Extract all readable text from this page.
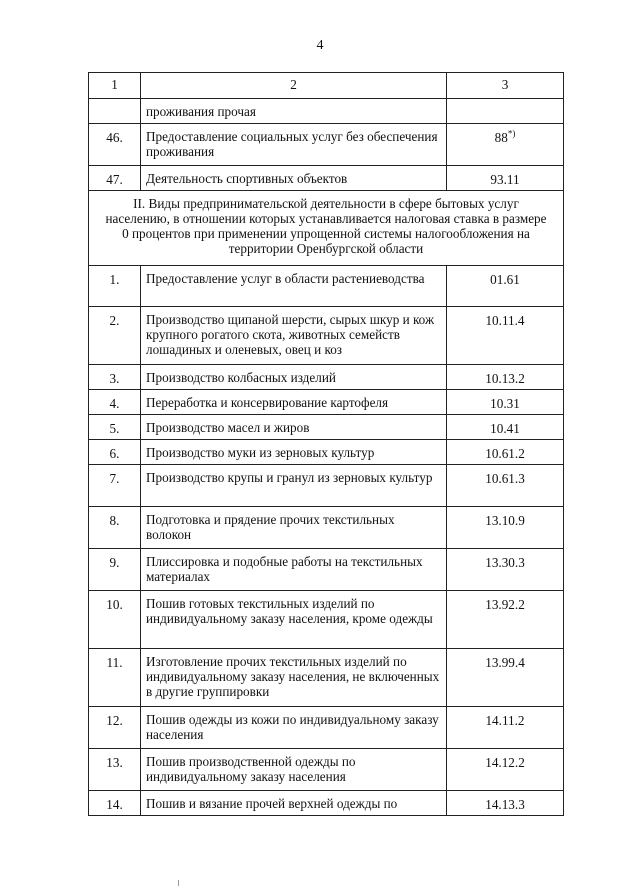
4
1	2	3
	проживания прочая	
46.	Предоставление социальных услуг без обеспечения проживания	88*)
47.	Деятельность спортивных объектов	93.11
II. Виды предпринимательской деятельности в сфере бытовых услуг населению, в отношении которых устанавливается налоговая ставка в размере 0 процентов при применении упрощенной системы налогообложения на территории Оренбургской области		
1.	Предоставление услуг в области растениеводства	01.61
2.	Производство щипаной шерсти, сырых шкур и кож крупного рогатого скота, животных семейств лошадиных и оленевых, овец и коз	10.11.4
3.	Производство колбасных изделий	10.13.2
4.	Переработка и консервирование картофеля	10.31
5.	Производство масел и жиров	10.41
6.	Производство муки из зерновых культур	10.61.2
7.	Производство крупы и гранул из зерновых культур	10.61.3
8.	Подготовка и прядение прочих текстильных волокон	13.10.9
9.	Плиссировка и подобные работы на текстильных материалах	13.30.3
10.	Пошив готовых текстильных изделий по индивидуальному заказу населения, кроме одежды	13.92.2
11.	Изготовление прочих текстильных изделий по индивидуальному заказу населения, не включенных в другие группировки	13.99.4
12.	Пошив одежды из кожи по индивидуальному заказу населения	14.11.2
13.	Пошив производственной одежды по индивидуальному заказу населения	14.12.2
14.	Пошив и вязание прочей верхней одежды по	14.13.3
